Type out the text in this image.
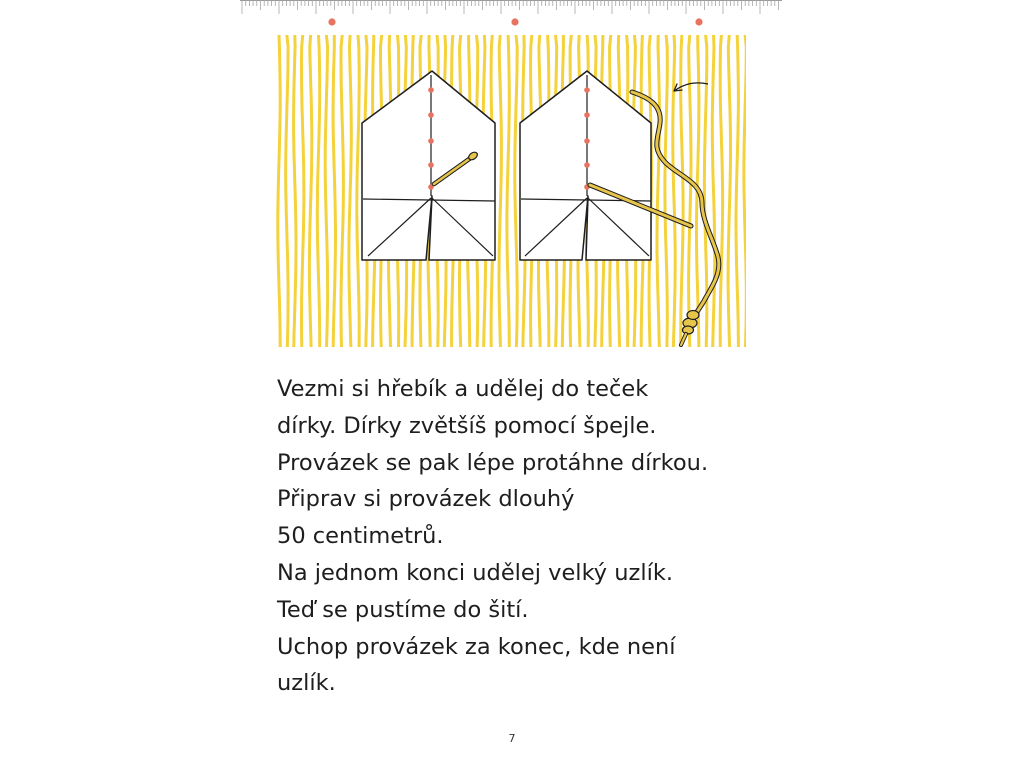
Vezmi si hřebík a udělej do teček
dírky. Dírky zvětšíš pomocí špejle.
Provázek se pak lépe protáhne dírkou.
Připrav si provázek dlouhý
50 centimetrů.
Na jednom konci udělej velký uzlík.
Teď se pustíme do šití.
Uchop provázek za konec, kde není
uzlík.
7
